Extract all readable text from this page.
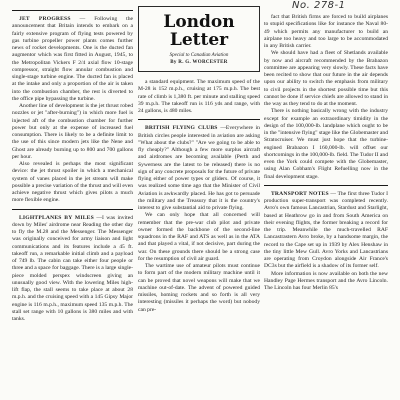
No. 278-1

JET PROGRESS — Following the announcement that Britain intends to embark on a fairly extensive program of flying tests powered by gas turbine propeller power plants comes further news of rocket developments. One is the ducted fan augmentor which was first fitted in August, 1945, to the Metropolitan Vickers F 2/4 axial flow 10-stage compressor, straight flow annular combustion and single-stage turbine engine. The ducted fan is placed at the intake and only a proportion of the air is taken into the combustion chamber, the rest is diverted to the office pipe bypassing the turbine.

Another line of development is the jet thrust robed nozzles or jet "after-burning") in which more fuel is injected aft of the combustion chamber for further power but only at the expense of increased fuel consumption. There is likely to be a definite limit to the use of this since modern jets like the Nene and Ghost are already burning up to 800 and 700 gallons per hour.

Also revealed is perhaps the most significant device: the jet thrust spoiler in which a mechanical system of vanes placed in the jet stream will make possible a precise variation of the thrust and will even achieve negative thrust which gives pilots a much more flexible engine.

LIGHTPLANES BY MILES —I was invited down by Miles' airdrome near Reading the other day to fly the M.28 and the Messenger. The Messenger was originally conceived for army liaison and light communications and its features include a 45 ft. takeoff run, a remarkable initial climb and a payload of 749 lb. The cabin can take either four people or three and a space for baggage. There is a large single-piece molded perspex windscreen giving an unusually good view. With the lowering Miles high-lift flap, the stall seems to take place at about 28 m.p.h. and the cruising speed with a 145 Gipsy Major engine is 116 m.p.h., maximum speed 135 m.p.h. The stall set range with 10 gallons is 380 miles and with tanks.

London Letter
Special to Canadian Aviation
By R. G. WORCESTER

a standard equipment. The maximum speed of the M-28 is 152 m.p.h., cruising at 175 m.p.h. The best rate of climb is 1,380 ft. per minute and stalling speed 39 m.p.h. The takeoff run is 116 yds and range, with 24 gallons, is 480 miles.

BRITISH FLYING CLUBS —Everywhere in British circles people interested in aviation are asking "What about the clubs?" "Are we going to be able to fly cheaply?" Although a few more surplus aircraft and airdromes are becoming available (Perth and Sywerness are the latest to be released) there is no sign of any concrete proposals for the future of private flying either of power types or gliders. Of course, it was realized some time ago that the Minister of Civil Aviation is awkwardly placed. He has got to persuade the military and the Treasury that it is the country's interest to give substantial aid to private flying.

We can only hope that all concerned will remember that the pre-war club pilot and private owner formed the backbone of the second-line squadrons in the RAF and ATS as well as in the ATA and that played a vital, if not decisive, part during the war. On these grounds there should be a strong case for the resumption of civil air guard.

The wartime use of amateur pilots must continue to form part of the modern military machine until it can be proved that novel weapons will make that we machine out-of-date. The advent of powered guided missiles, homing rockets and so forth is all very interesting (missiles it perhaps the word) but nobody can pre-

fact that British firms are forced to build airplanes to stupid specifications like for instance the Naval 80-49 which permits any manufacturer to build an airplane too heavy and too large to be accommodated in any British carrier.

We should have had a fleet of Shetlands available by now and aircraft recommended by the Brabazon committee are appearing very slowly. These facts have been recited to show that our future in the air depends upon our ability to switch the emphasis from military to civil projects in the shortest possible time but this cannot be done if service chiefs are allowed to stand in the way as they tend to do at the moment.

There is nothing basically wrong with the industry except for example an extraordinary timidity in the design of the 100,000-lb. landplane which ought to be in the "intensive flying" stage like the Globemaster and Stratocruiser. We must just hope that the turbine-engined Brabazon I 160,000-lb. will offset our shortcomings in the 100,000-lb. field. The Tudor II and even the York could compete with the Globemaster, using Alan Cobham's Flight Refuelling now in the final development stage.

TRANSPORT NOTES — The first three Tudor I production super-transport was completed recently. Avro's own famous Lancastrian, Stardust and Starlight, based at Heathrow go in and from South America on their evening flights, the former breaking a record for the trip. Meanwhile the much-travelled RAF Lancastrastern Avro broke, by a handsome margin, the record to the Cape set up in 1939 by Alex Henshaw in the tiny little Mew Gull. Avro Yorks and Lancastrians are operating from Croydon alongside Air France's DC3s but the airfield is a shadow of its former self.

More information is now available on both the new Handley Page Hermes transport and the Avro Lincoln. The Lincoln has four Merlin 85's
